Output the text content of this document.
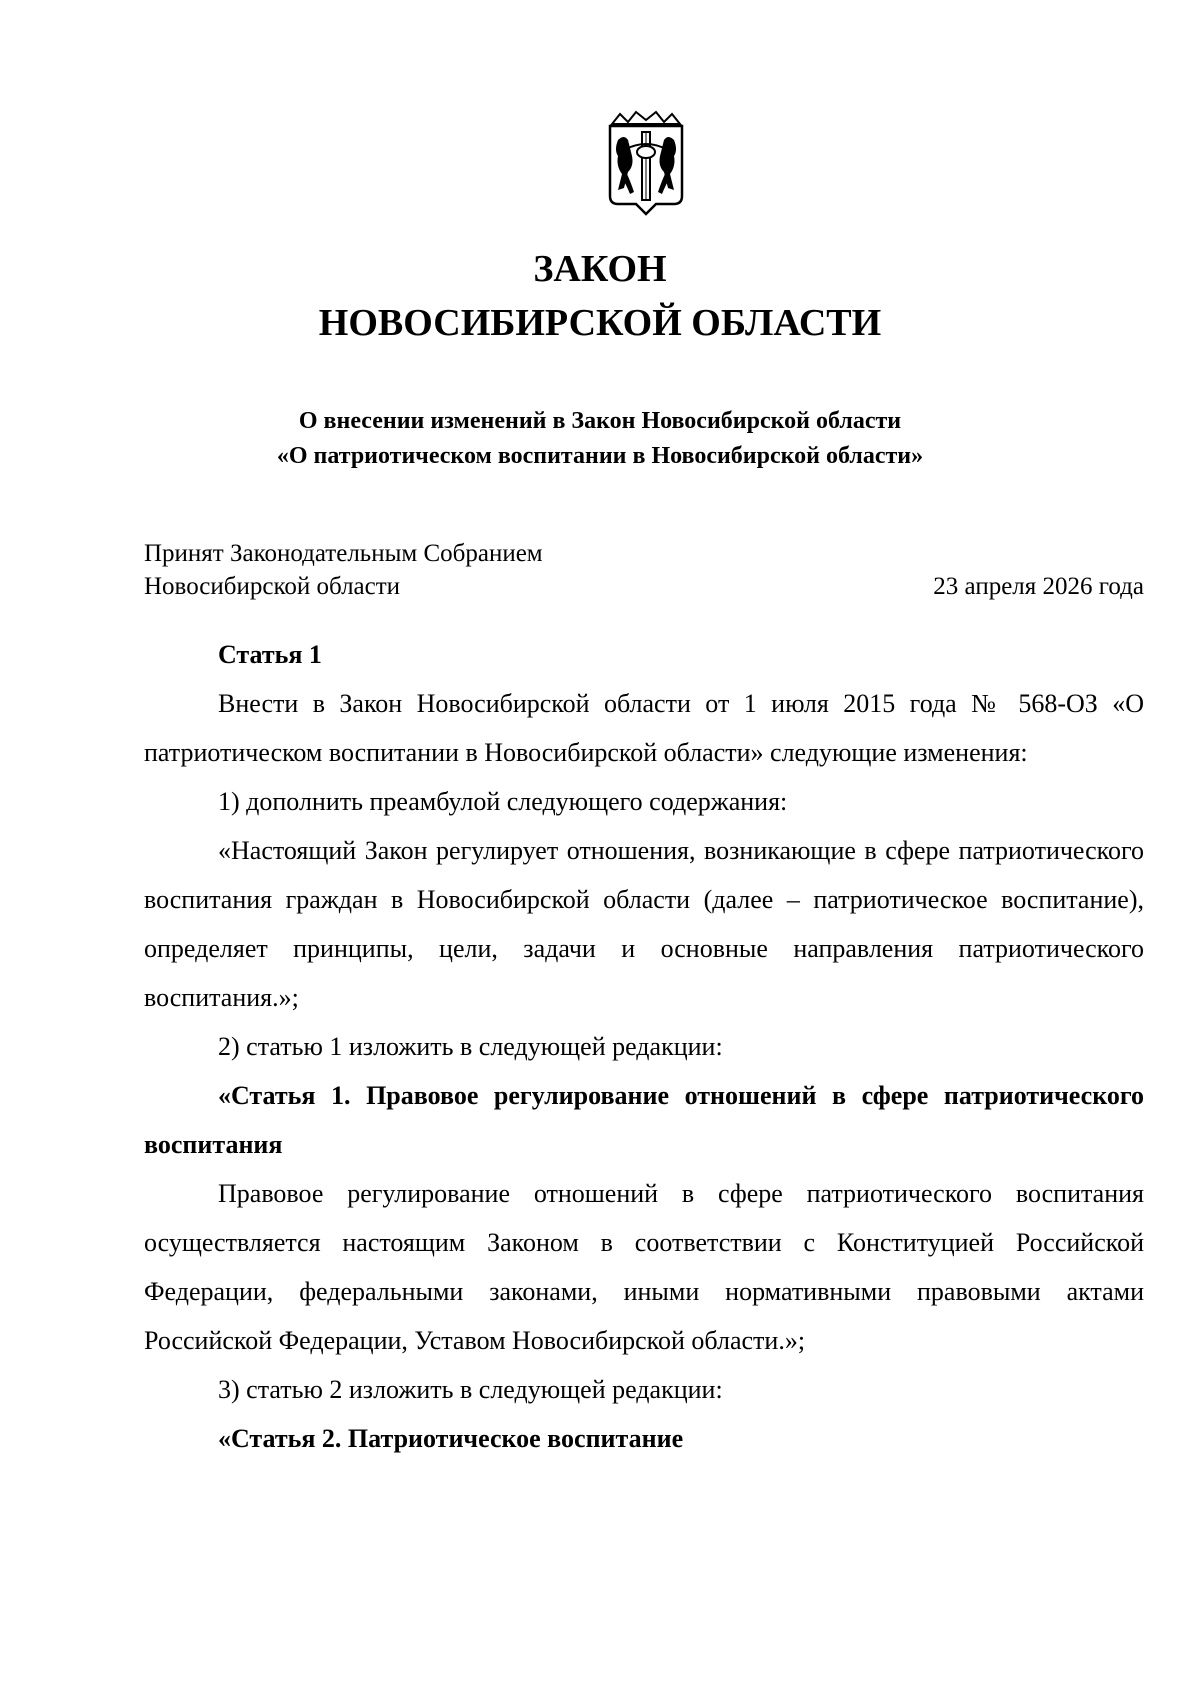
ЗАКОН
НОВОСИБИРСКОЙ ОБЛАСТИ
О внесении изменений в Закон Новосибирской области
«О патриотическом воспитании в Новосибирской области»
Принят Законодательным Собранием
Новосибирской области	23 апреля 2026 года

Статья 1

Внести в Закон Новосибирской области от 1 июля 2015 года № 568-ОЗ «О патриотическом воспитании в Новосибирской области» следующие изменения:

1) дополнить преамбулой следующего содержания:

«Настоящий Закон регулирует отношения, возникающие в сфере патриотического воспитания граждан в Новосибирской области (далее – патриотическое воспитание), определяет принципы, цели, задачи и основные направления патриотического воспитания.»;

2) статью 1 изложить в следующей редакции:

«Статья 1. Правовое регулирование отношений в сфере патриотического воспитания

Правовое регулирование отношений в сфере патриотического воспитания осуществляется настоящим Законом в соответствии с Конституцией Российской Федерации, федеральными законами, иными нормативными правовыми актами Российской Федерации, Уставом Новосибирской области.»;

3) статью 2 изложить в следующей редакции:

«Статья 2. Патриотическое воспитание
